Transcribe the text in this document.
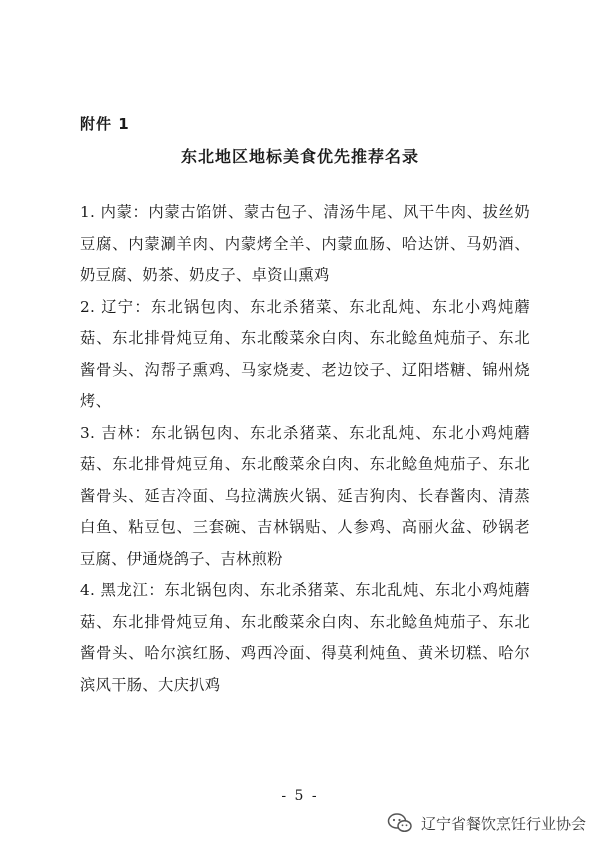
附件 1
东北地区地标美食优先推荐名录

1. 内蒙：内蒙古馅饼、蒙古包子、清汤牛尾、风干牛肉、拔丝奶豆腐、内蒙涮羊肉、内蒙烤全羊、内蒙血肠、哈达饼、马奶酒、奶豆腐、奶茶、奶皮子、卓资山熏鸡

2. 辽宁：东北锅包肉、东北杀猪菜、东北乱炖、东北小鸡炖蘑菇、东北排骨炖豆角、东北酸菜氽白肉、东北鲶鱼炖茄子、东北酱骨头、沟帮子熏鸡、马家烧麦、老边饺子、辽阳塔糖、锦州烧烤、

3. 吉林：东北锅包肉、东北杀猪菜、东北乱炖、东北小鸡炖蘑菇、东北排骨炖豆角、东北酸菜氽白肉、东北鲶鱼炖茄子、东北酱骨头、延吉冷面、乌拉满族火锅、延吉狗肉、长春酱肉、清蒸白鱼、粘豆包、三套碗、吉林锅贴、人参鸡、高丽火盆、砂锅老豆腐、伊通烧鸽子、吉林煎粉

4. 黑龙江：东北锅包肉、东北杀猪菜、东北乱炖、东北小鸡炖蘑菇、东北排骨炖豆角、东北酸菜氽白肉、东北鲶鱼炖茄子、东北酱骨头、哈尔滨红肠、鸡西冷面、得莫利炖鱼、黄米切糕、哈尔滨风干肠、大庆扒鸡

- 5 -
辽宁省餐饮烹饪行业协会
